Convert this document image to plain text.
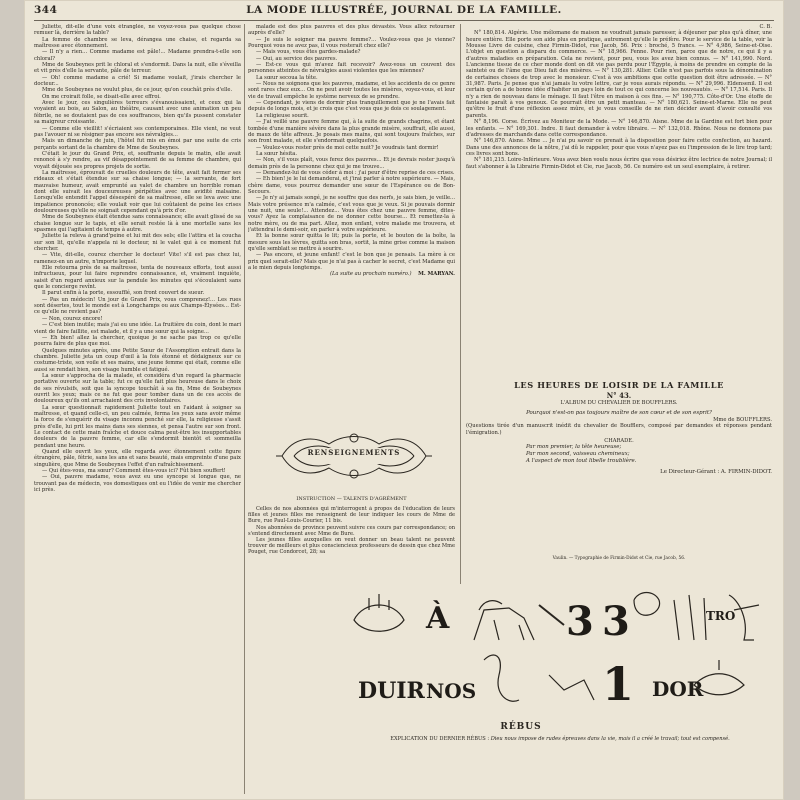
344	LA MODE ILLUSTRÉE, JOURNAL DE LA FAMILLE.

Juliette, dit-elle d'une voix étranglée, ne voyez-vous pas quelque chose remuer là, derrière la table?

La femme de chambre se leva, dérangea une chaise, et regarda sa maîtresse avec étonnement.

— Il n'y a rien... Comme madame est pâle!... Madame prendra-t-elle son chloral?

Mme de Soubeynes prit le chloral et s'endormit. Dans la nuit, elle s'éveilla et vit près d'elle la servante, pâle de terreur.

— Oh! comme madame a crié! Si madame voulait, j'irais chercher le docteur...

Mme de Soubeynes ne voulut plus, de ce jour, qu'on couchât près d'elle.

On me croirait folle, se disait-elle avec effroi.

Avec le jour, ces singulières terreurs s'évanouissaient, et ceux qui la voyaient au bois, au Salon, au théâtre, causant avec une animation un peu fébrile, ne se doutaient pas de ces souffrances, bien qu'ils pussent constater sa maigreur croissante.

— Comme elle vieillit! s'écriaient ses contemporaines. Elle vient, ne veut pas l'avouer ni se résigner pas encore ses névralgies...

Mais un dimanche de juin, l'hôtel fut mis en émoi par une suite de cris perçants sortant de la chambre de Mme de Soubeynes.

C'était le jour du Grand Prix, et, souffrante depuis le matin, elle avait renoncé à s'y rendre, au vif désappointement de sa femme de chambre, qui voyait déjouée ses propres projets de sortie.

La maîtresse, éprouvait de cruelles douleurs de tête, avait fait fermer ses rideaux et s'était étendue sur sa chaise longue; — la servante, de fort mauvaise humeur, avait emprunté au valet de chambre un horrible roman dont elle suivait les douceureuses péripéties avec une avidité malsaine. Lorsqu'elle entendit l'appel désespéré de sa maîtresse, elle se leva avec une impatience prononcée; elle voulait voir que lui coûtaient de peine les crises douloureuses qu'elle ne soignait cependant qu'à prix d'or.

Mme de Soubeynes était étendue sans connaissance; elle avait glissé de sa chaise longue sur le tapis, et elle serait restée là à une mortelle sans les spasmes qui l'agitaient de temps à autre.

Juliette la releva à grand'peine et lui mit des sels; elle l'attira et la coucha sur son lit, qu'elle n'appela ni le docteur, ni le valet qui à ce moment fut chercher.

— Vite, dit-elle, courez chercher le docteur! Vite! s'il est pas chez lui, ramenez-en un autre, n'importe lequel.

Elle retourna près de sa maîtresse, tenta de nouveaux efforts, tout aussi infructueux, pour lui faire reprendre connaissance, et, vraiment inquiète, saisit d'un regard anxieux sur la pendule les minutes qui s'écoulaient sans que le concierge revînt.

Il parut enfin à la porte, essoufflé, son front couvert de sueur.

— Pas un médecin! Un jour de Grand Prix, vous comprenez!... Les rues sont désertes, tout le monde est à Longchamps ou aux Champs-Élysées... Est-ce qu'elle ne revient pas?

— Non, courez encore!

— C'est bien inutile; mais j'ai eu une idée. La fruitière du coin, dont le mari vient de faire faillite, est malade, et il y a une sœur qui la soigne...

— Eh bien! allez la chercher, quoique je ne sache pas trop ce qu'elle pourra faire de plus que moi.

Quelques minutes après, une Petite Sœur de l'Assomption entrait dans la chambre. Juliette jeta un coup d'œil à la fois étonné et dédaigneux sur ce costume-triste, son voile et ses mains, une jeune femme qui était, comme elle aussi se rendait bien, son visage humble et fatigué.

La sœur s'approcha de la malade, et considéra d'un regard la pharmacie portative ouverte sur la table; fut ce qu'elle fait plus heureuse dans le choix de ses révulsifs, soit que la syncope touchât à sa fin, Mme de Soubeynes ouvrit les yeux; mais ce ne fut que pour tomber dans un de ces accès de douloureux qu'ils ont arrachaient des cris involontaires.

La sœur questionnait rapidement Juliette tout en l'aidant à soigner sa maîtresse, et quand celle-ci, un peu calmée, ferma les yeux sans avoir même la force de s'enquérir du visage inconnu penché sur elle, la religieuse s'assit près d'elle, lui prit les mains dans ses siennes, et pensa l'autre sur son front. Le contact de cette main fraîche et douce calma peut-être les insupportables douleurs de la pauvre femme, car elle s'endormit bientôt et sommeilla pendant une heure.

Quand elle ouvrit les yeux, elle regarda avec étonnement cette figure étrangère, pâle, fétrie, sans les ans et sans beauté, mais empreinte d'une paix singulière, que Mme de Soubeynes l'effet d'un rafraîchissement.

— Qui êtes-vous, ma sœur? Comment êtes-vous ici? Fût bien souffert!

— Oui, pauvre madame, vous avez eu une syncope si longue que, ne trouvant pas de médecin, vos domestiques ont eu l'idée de venir me chercher ici près.

malade est des plus pauvres et des plus dévastés. Vous allez retourner auprès d'elle?

— Je suis le soigner ma pauvre femme?... Voulez-vous que je vienne? Pourquoi vous ne avez pas, il vous resterait chez elle?

— Mais vous, vous êtes gardes-malade?

— Oui, au service des pauvres.

— Est-ce vous qui m'avez fait recevoir? Avez-vous un couvent des personnes atteintes de névralgies aussi violentes que les miennes?

La sœur secoua la tête.

— Nous ne soignons que les pauvres, madame, et les accidents de ce genre sont rares chez eux... On ne peut avoir toutes les misères, voyez-vous, et leur vie de travail empêche le système nerveux de se prendre.

— Cependant, je viens de dormir plus tranquillement que je ne l'avais fait depuis de longs mois, et je crois que c'est vous que je dois ce soulagement.

La religieuse sourit.

— J'ai veillé une pauvre femme qui, à la suite de grands chagrins, et étant tombée d'une manière sévère dans la plus grande misère, souffrait, elle aussi, de maux de tête affreux. Je posais mes mains, qui sont toujours fraîches, sur son front malade, et elle s'endormait quelquefois.

— Voulez-vous rester près de moi cette nuit? Je voudrais tant dormir!

La sœur hésita.

— Non, s'il vous plaît, vous ferez des pauvres... Et je devrais rester jusqu'à demain près de la personne chez qui je me trouve...

— Demandez-lui de vous céder à moi : j'ai peur d'être reprise de ces crises.

— Eh bien! je le lui demanderai, et j'irai parler à notre supérieure. — Mais, chère dame, vous pourrez demander une sœur de l'Espérance ou de Bon-Secours.

— Je n'y ai jamais songé, je ne souffre que des nerfs, je sais bien, je veille... Mais votre présence m'a calmée, c'est vous que je veux. Si je pouvais dormir une nuit, une seule!... Attendez... Vous êtes chez une pauvre femme, dites-vous? Ayez la complaisance de ne donner cette bourse... Et remettez-la à notre mère, ou de ma part. Allez, mon enfant, votre malade me trouvera, et j'attendrai le demi-soir, en parler à votre supérieure.

Et la bonne sœur quitta le lit; puis la porte, et le bouton de la boîte, la mesure sous les lèvres, quitta son bras, sortit, la mine grise comme la maison qu'elle semblait se mettre à sourire.

— Pas encore, et jeune enfant! c'est le bon que je pensais. La mère à ce prix quel serait-elle? Mais que je n'ai pas à cacher le secret, c'est Madame qui a le mien depuis longtemps.

(La suite au prochain numéro.) M. MARYAN.

RENSEIGNEMENTS
INSTRUCTION — TALENTS D'AGRÉMENT

Celles de nos abonnées qui m'interrogent à propos de l'éducation de leurs filles et jeunes filles me renseignent de leur indiquer les cours de Mme de Bure, rue Paul-Louis-Courier, 11 bis.

Nos abonnées de province peuvent suivre ces cours par correspondance; on s'entend directement avec Mme de Bure.

Les jeunes filles auxquelles on veut donner un beau talent ne peuvent trouver de meilleurs et plus consciencieux professeurs de dessin que chez Mme Pouget, rue Condorcet, 28; sa

C. B.

N° 180,814. Algérie. Une mélomane de maison ne voudrait jamais paresser, à déjeuner par plus qu'à dîner, une heure entière. Elle porte son aide plus en pratique, autrement qu'elle le préfère. Pour le service de la table, voir la Mousse Livre de cuisine, chez Firmin-Didot, rue Jacob, 56. Prix : broché, 5 francs. — N° 4,986, Seine-et-Oise. L'objet en question a disparu du commerce. — N° 18,966. Fenne. Pour rien, parce que de notre, ce qui il y a d'autres maladies en préparation. Cela ne revient, pour peu, vous les avez bien connus. — N° 141,990. Nord. L'ancienne tissue de ce cher monde dont on dit vie pas perdu pour l'Égypte, à moins de prendre en compte de la sainteté ou de l'âme que Dieu fait des misères. — N° 130,281. Allier. Celle n'est pas parfois sous la dénomination de certaines choses de trop avec le monsieur. C'est à vos ambitions que cette question doit être adressée. — N° 31,987. Paris. Je pense que n'ai jamais lu votre lettre, car je vous aurais répondu. — N° 29,996. Eldensenil. Il est certain qu'on a de bonne idée d'habiter un pays loin de tout ce qui concerne les nouveautés. — N° 17,514. Paris. Il n'y a rien de nouveau dans le ménage. Il faut l'être en maison à ces fins. — N° 190,775. Côte-d'Or. Une étoffe de fantaisie paraît à vos genoux. Ce pourrait être un petit manteau. — N° 180,621. Seine-et-Marne. Elle ne peut qu'être le fruit d'une réflexion assez mûre, et je vous conseille de ne rien décider avant d'avoir consulté vos parents.

N° 8,196. Corse. Écrivez au Moniteur de la Mode. — N° 146,870. Aisne. Mme de la Gardine est fort bien pour les enfants. — N° 169,301. Indre. Il faut demander à votre libraire. — N° 132,018. Rhône. Nous ne donnons pas d'adresses de marchands dans cette correspondance.

N° 146,870. Aisne. Mme ... Je n'ai pu savoir ce prenait à la disposition pour faire cette confection, au hazard. Dans une des annonces de la nôtre, j'ai dû le rappeler, pour que vous n'ayez pas eu l'impression de le lire trop tard; ces livres sont bons.

N° 181,215. Loire-Inférieure. Vous avez bien voulu nous écrire que vous désiriez être lectrice de notre Journal; il faut s'abonner à la Librairie Firmin-Didot et Cie, rue Jacob, 56. Ce numéro est un seul exemplaire, à retirer.

LES HEURES DE LOISIR DE LA FAMILLE
N° 43.
L'ALBUM DU CHEVALIER DE BOUFFLERS.
Pourquoi n'est-on pas toujours maître de son cœur et de son esprit?
Mme de BOUFFLERS.
(Questions tirée d'un manuscrit inédit du chevalier de Boufflers, composé par demandes et réponses pendant l'émigration.)
CHARADE.
Par mon premier, la tête heureuse;
Par mon second, vaisseau chemineux;
A l'aspect de mon tout libelle troublière.
Le Directeur-Gérant : A. FIRMIN-DIDOT.
Vaulin. — Typographie de Firmin-Didot et Cie, rue Jacob, 56.
À	3 3	TRO
DUIR NOS	1 DOR
RÉBUS
EXPLICATION DU DERNIER RÉBUS : Dieu nous impose de rudes épreuves dans la vie, mais il a créé le travail; tout est compensé.
